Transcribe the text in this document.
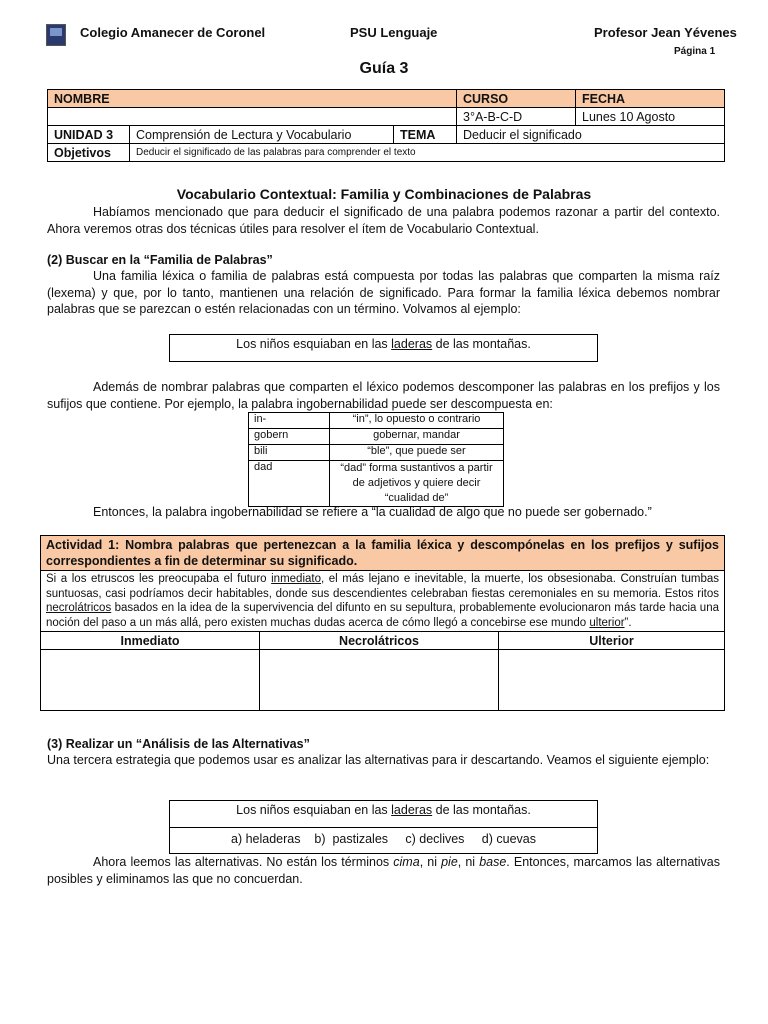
Colegio Amanecer de Coronel	PSU Lenguaje	Profesor Jean Yévenes
Página 1
Guía 3
NOMBRE			CURSO	FECHA
			3°A-B-C-D	Lunes 10 Agosto
UNIDAD 3	Comprensión de Lectura y Vocabulario	TEMA	Deducir el significado	
Objetivos	Deducir el significado de las palabras para comprender el texto			
Vocabulario Contextual: Familia y Combinaciones de Palabras
Habíamos mencionado que para deducir el significado de una palabra podemos razonar a partir del contexto. Ahora veremos otras dos técnicas útiles para resolver el ítem de Vocabulario Contextual.
(2) Buscar en la “Familia de Palabras”
Una familia léxica o familia de palabras está compuesta por todas las palabras que comparten la misma raíz (lexema) y que, por lo tanto, mantienen una relación de significado. Para formar la familia léxica debemos nombrar palabras que se parezcan o estén relacionadas con un término. Volvamos al ejemplo:
Los niños esquiaban en las laderas de las montañas.
Además de nombrar palabras que comparten el léxico podemos descomponer las palabras en los prefijos y los sufijos que contiene. Por ejemplo, la palabra ingobernabilidad puede ser descompuesta en:
in-	“in”, lo opuesto o contrario
gobern	gobernar, mandar
bili	“ble”, que puede ser
dad	“dad” forma sustantivos a partir de adjetivos y quiere decir “cualidad de”
Entonces, la palabra ingobernabilidad se refiere a “la cualidad de algo que no puede ser gobernado.”
Actividad 1: Nombra palabras que pertenezcan a la familia léxica y descompónelas en los prefijos y sufijos correspondientes a fin de determinar su significado.
Si a los etruscos les preocupaba el futuro inmediato, el más lejano e inevitable, la muerte, los obsesionaba. Construían tumbas suntuosas, casi podríamos decir habitables, donde sus descendientes celebraban fiestas ceremoniales en su memoria. Estos ritos necrolátricos basados en la idea de la supervivencia del difunto en su sepultura, probablemente evolucionaron más tarde hacia una noción del paso a un más allá, pero existen muchas dudas acerca de cómo llegó a concebirse ese mundo ulterior”.
Inmediato	Necrolátricos	Ulterior

(3) Realizar un “Análisis de las Alternativas”
Una tercera estrategia que podemos usar es analizar las alternativas para ir descartando. Veamos el siguiente ejemplo:
Los niños esquiaban en las laderas de las montañas.
a) heladeras    b)  pastizales     c) declives     d) cuevas
Ahora leemos las alternativas. No están los términos cima, ni pie, ni base. Entonces, marcamos las alternativas posibles y eliminamos las que no concuerdan.
